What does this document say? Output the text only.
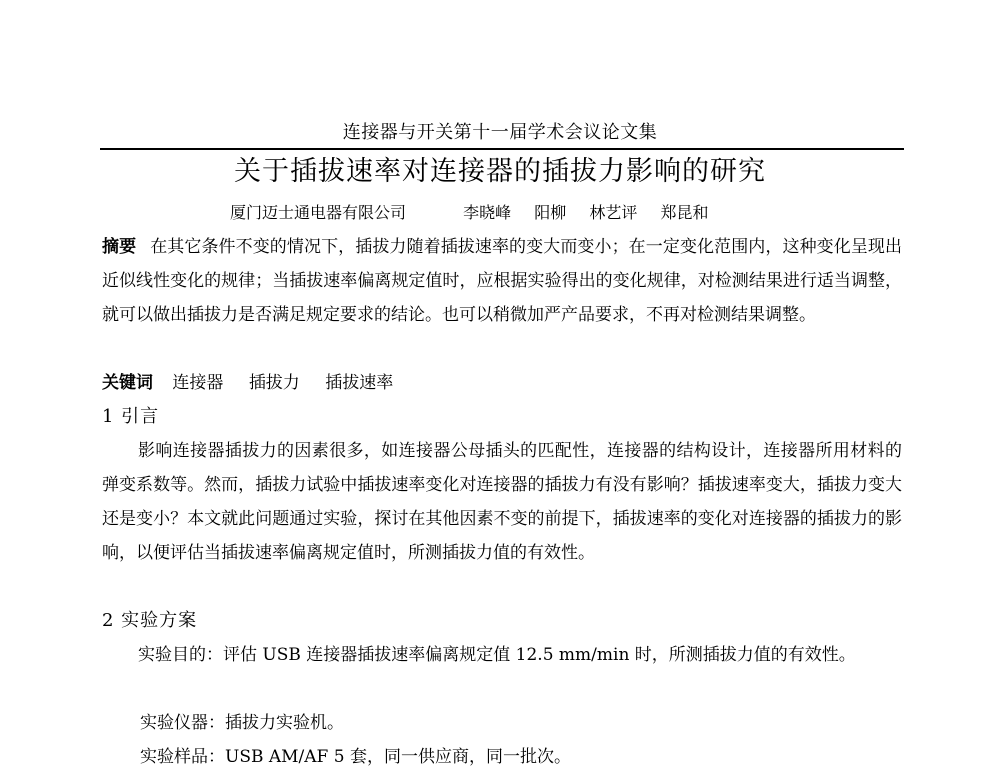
连接器与开关第十一届学术会议论文集
关于插拔速率对连接器的插拔力影响的研究
厦门迈士通电器有限公司	李晓峰 阳柳 林艺评 郑昆和
摘要 在其它条件不变的情况下，插拔力随着插拔速率的变大而变小；在一定变化范围内，这种变化呈现出近似线性变化的规律；当插拔速率偏离规定值时，应根据实验得出的变化规律，对检测结果进行适当调整，就可以做出插拔力是否满足规定要求的结论。也可以稍微加严产品要求，不再对检测结果调整。
关键词 连接器 插拔力 插拔速率
1 引言
影响连接器插拔力的因素很多，如连接器公母插头的匹配性，连接器的结构设计，连接器所用材料的弹变系数等。然而，插拔力试验中插拔速率变化对连接器的插拔力有没有影响？插拔速率变大，插拔力变大还是变小？本文就此问题通过实验，探讨在其他因素不变的前提下，插拔速率的变化对连接器的插拔力的影响，以便评估当插拔速率偏离规定值时，所测插拔力值的有效性。
2 实验方案
实验目的：评估 USB 连接器插拔速率偏离规定值 12.5 mm/min 时，所测插拔力值的有效性。
实验仪器：插拔力实验机。
实验样品：USB AM/AF 5 套，同一供应商，同一批次。
